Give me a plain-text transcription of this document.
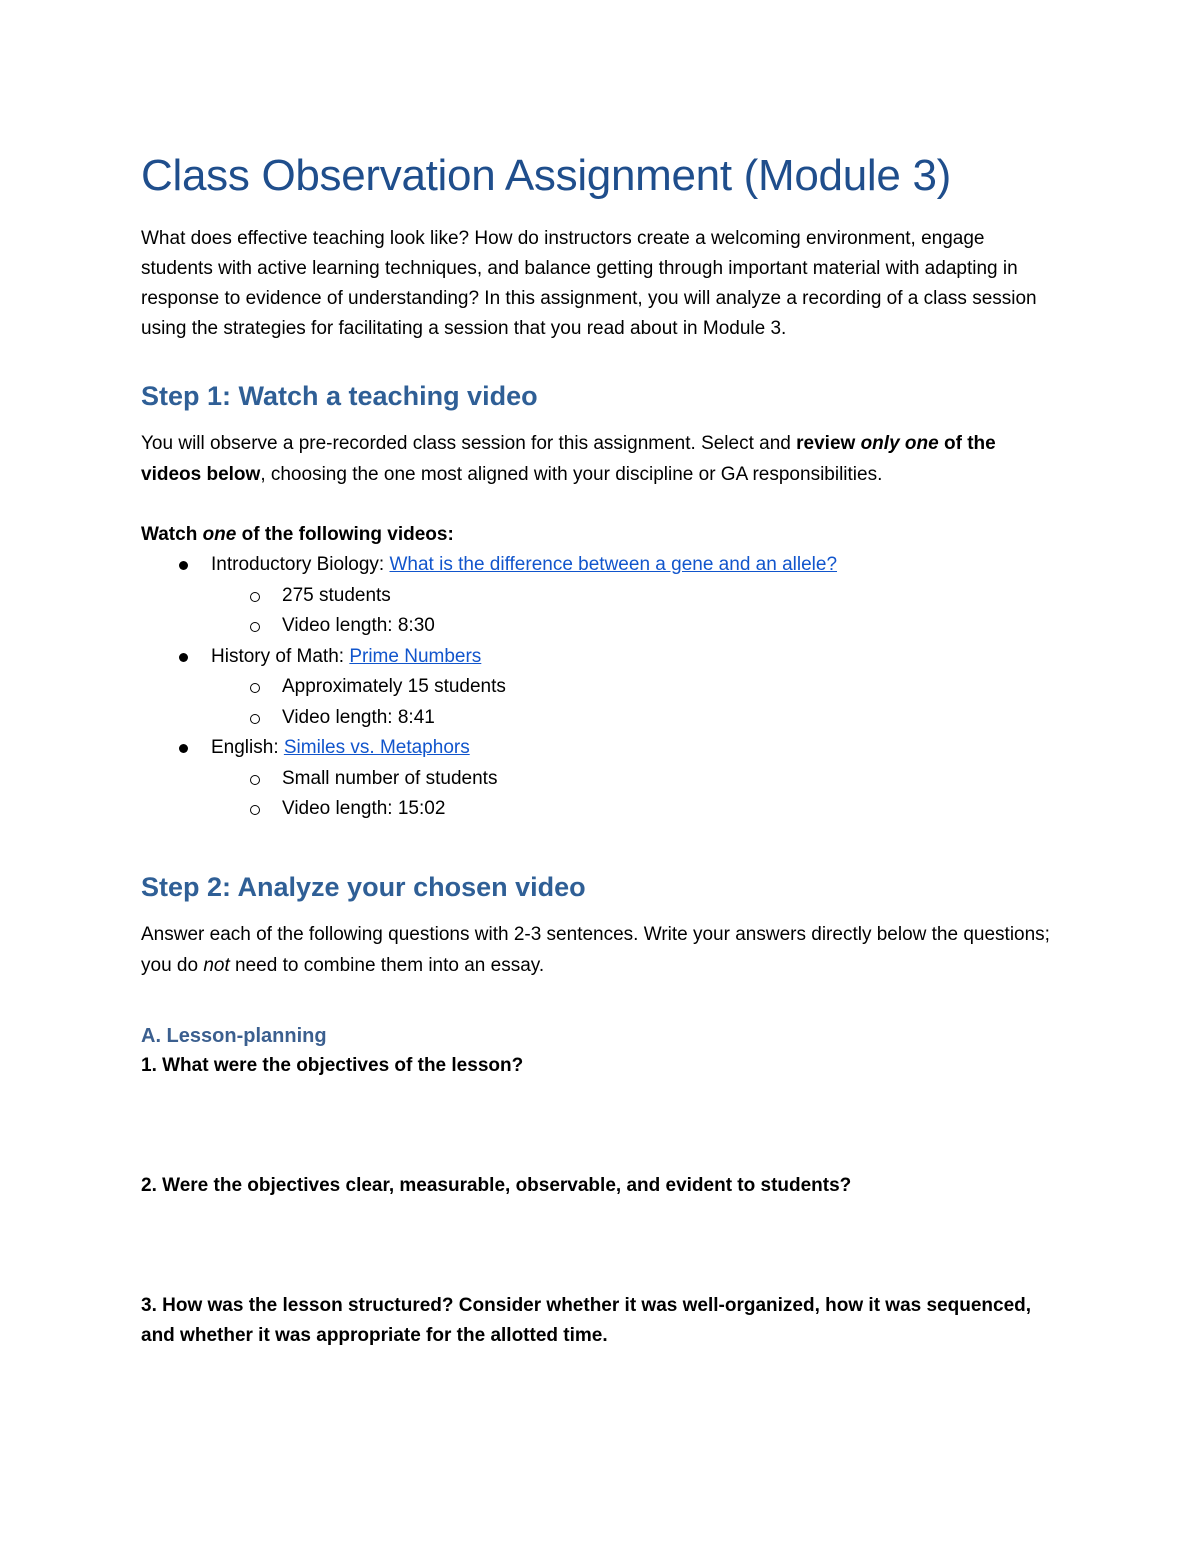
Class Observation Assignment (Module 3)

What does effective teaching look like? How do instructors create a welcoming environment, engage students with active learning techniques, and balance getting through important material with adapting in response to evidence of understanding? In this assignment, you will analyze a recording of a class session using the strategies for facilitating a session that you read about in Module 3.

Step 1: Watch a teaching video

You will observe a pre-recorded class session for this assignment. Select and review only one of the videos below, choosing the one most aligned with your discipline or GA responsibilities.

Watch one of the following videos:

Introductory Biology: What is the difference between a gene and an allele?
275 students
Video length: 8:30
History of Math: Prime Numbers
Approximately 15 students
Video length: 8:41
English: Similes vs. Metaphors
Small number of students
Video length: 15:02
Step 2: Analyze your chosen video

Answer each of the following questions with 2-3 sentences. Write your answers directly below the questions; you do not need to combine them into an essay.

A. Lesson-planning

1. What were the objectives of the lesson?

2. Were the objectives clear, measurable, observable, and evident to students?

3. How was the lesson structured? Consider whether it was well-organized, how it was sequenced, and whether it was appropriate for the allotted time.
